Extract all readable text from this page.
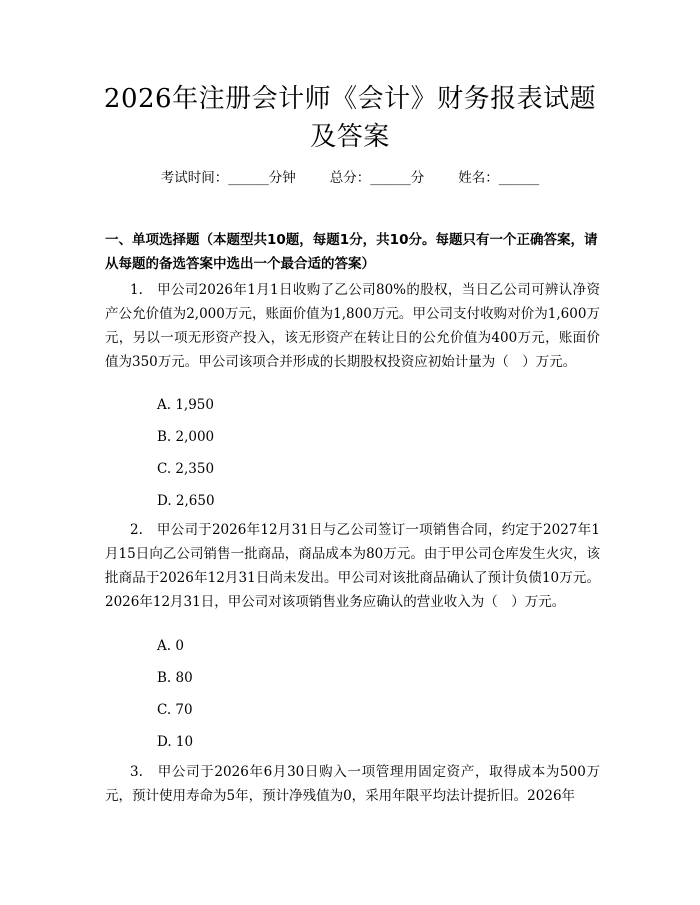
2026年注册会计师《会计》财务报表试题及答案
考试时间：______分钟	总分：______分	姓名：______
一、单项选择题（本题型共10题，每题1分，共10分。每题只有一个正确答案，请从每题的备选答案中选出一个最合适的答案）
1.　甲公司2026年1月1日收购了乙公司80%的股权，当日乙公司可辨认净资产公允价值为2,000万元，账面价值为1,800万元。甲公司支付收购对价为1,600万元，另以一项无形资产投入，该无形资产在转让日的公允价值为400万元，账面价值为350万元。甲公司该项合并形成的长期股权投资应初始计量为（　）万元。
A. 1,950
B. 2,000
C. 2,350
D. 2,650
2.　甲公司于2026年12月31日与乙公司签订一项销售合同，约定于2027年1月15日向乙公司销售一批商品，商品成本为80万元。由于甲公司仓库发生火灾，该批商品于2026年12月31日尚未发出。甲公司对该批商品确认了预计负债10万元。2026年12月31日，甲公司对该项销售业务应确认的营业收入为（　）万元。
A. 0
B. 80
C. 70
D. 10
3.　甲公司于2026年6月30日购入一项管理用固定资产，取得成本为500万元，预计使用寿命为5年，预计净残值为0，采用年限平均法计提折旧。2026年
